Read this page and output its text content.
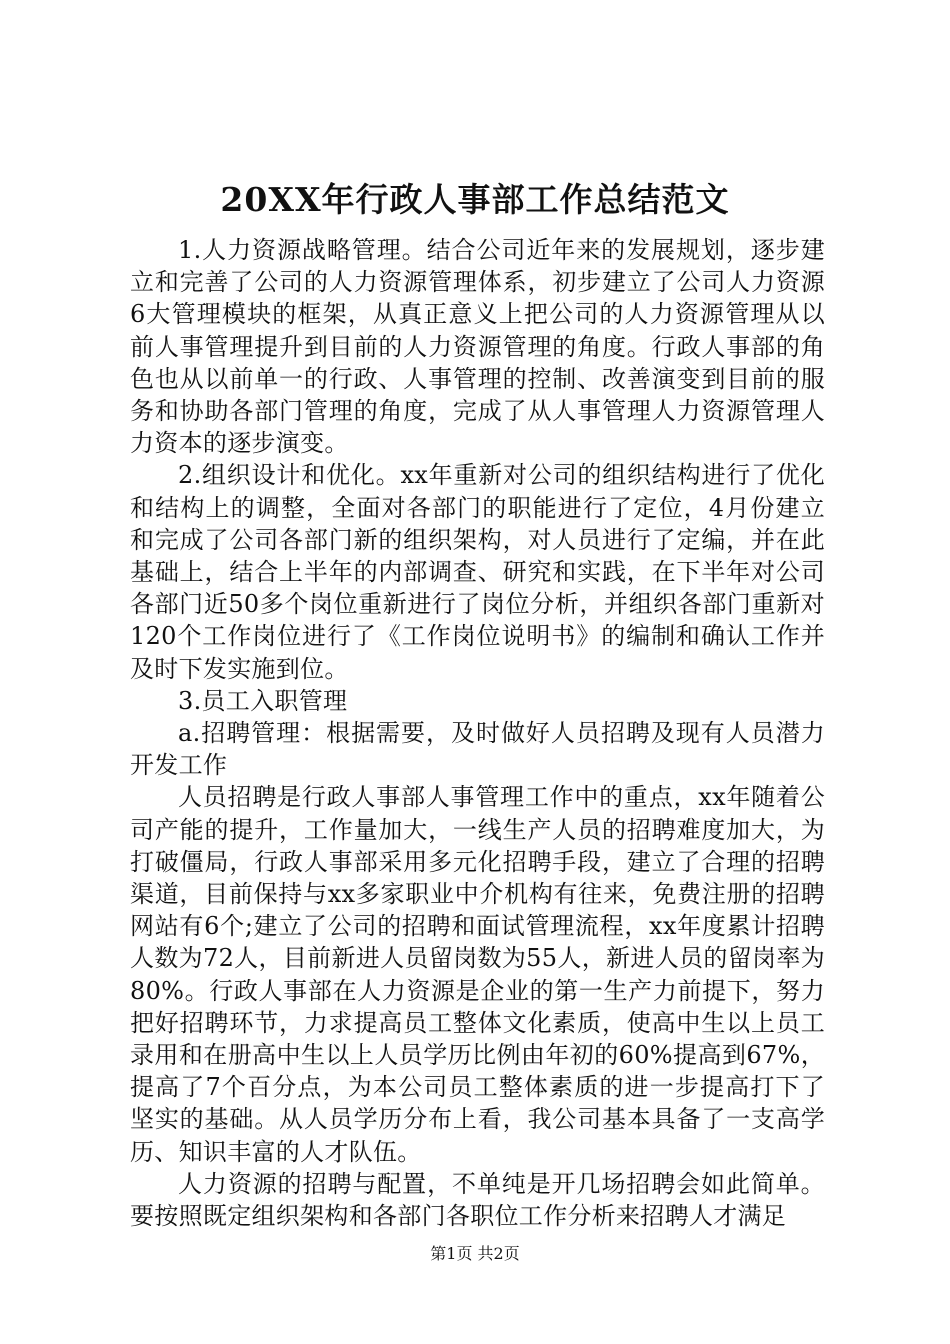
20XX年行政人事部工作总结范文

1.人力资源战略管理。结合公司近年来的发展规划，逐步建立和完善了公司的人力资源管理体系，初步建立了公司人力资源6大管理模块的框架，从真正意义上把公司的人力资源管理从以前人事管理提升到目前的人力资源管理的角度。行政人事部的角色也从以前单一的行政、人事管理的控制、改善演变到目前的服务和协助各部门管理的角度，完成了从人事管理人力资源管理人力资本的逐步演变。

2.组织设计和优化。xx年重新对公司的组织结构进行了优化和结构上的调整，全面对各部门的职能进行了定位，4月份建立和完成了公司各部门新的组织架构，对人员进行了定编，并在此基础上，结合上半年的内部调查、研究和实践，在下半年对公司各部门近50多个岗位重新进行了岗位分析，并组织各部门重新对120个工作岗位进行了《工作岗位说明书》的编制和确认工作并及时下发实施到位。

3.员工入职管理

a.招聘管理：根据需要，及时做好人员招聘及现有人员潜力开发工作

人员招聘是行政人事部人事管理工作中的重点，xx年随着公司产能的提升，工作量加大，一线生产人员的招聘难度加大，为打破僵局，行政人事部采用多元化招聘手段，建立了合理的招聘渠道，目前保持与xx多家职业中介机构有往来，免费注册的招聘网站有6个;建立了公司的招聘和面试管理流程，xx年度累计招聘人数为72人，目前新进人员留岗数为55人，新进人员的留岗率为80%。行政人事部在人力资源是企业的第一生产力前提下，努力把好招聘环节，力求提高员工整体文化素质，使高中生以上员工录用和在册高中生以上人员学历比例由年初的60%提高到67%，提高了7个百分点，为本公司员工整体素质的进一步提高打下了坚实的基础。从人员学历分布上看，我公司基本具备了一支高学历、知识丰富的人才队伍。

人力资源的招聘与配置，不单纯是开几场招聘会如此简单。要按照既定组织架构和各部门各职位工作分析来招聘人才满足

第1页 共2页
